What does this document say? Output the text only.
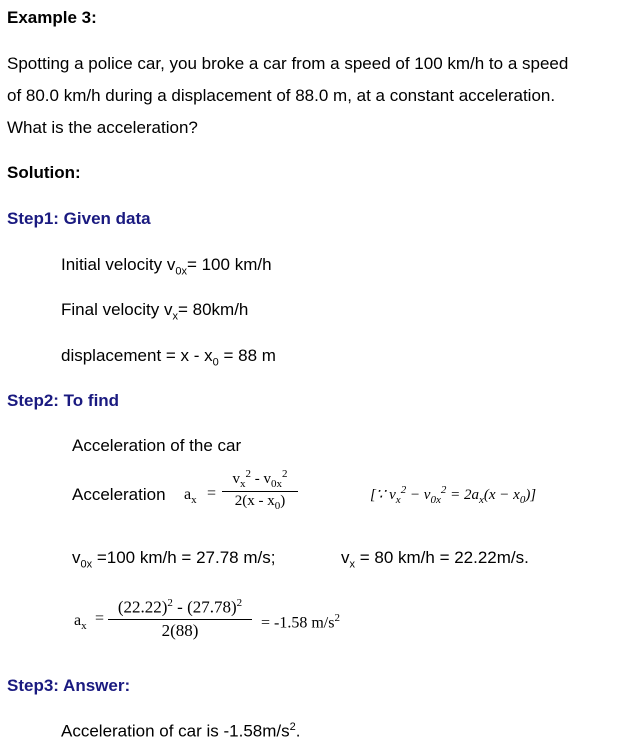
Example 3:
Spotting a police car, you broke a car from a speed of 100 km/h to a speed
of 80.0 km/h during a displacement of 88.0 m, at a constant acceleration.
What is the acceleration?
Solution:
Step1: Given data
Initial velocity $v_{0x}= 100$ km/h
Final velocity $v_x= 80km/h$
displacement = $x - x_0 = 88$ m
Step2: To find
Acceleration of the car
Acceleration $a_x$ =
$v_x^2 - v_{0x}^2$
$2(x - x_0)$	[∵ $v_x^2 - v_{0x}^2 = 2a_x(x - x_0)$]
$v_{0x} =100$ km/h = 27.78 m/s;	$v_x = 80$ km/h = 22.22m/s.
$a_x$ =
$(22.22)^2 - (27.78)^2$
2(88)	= -1.58 $m/s^2$
Step3: Answer:
Acceleration of car is $-1.58m/s^2$.
